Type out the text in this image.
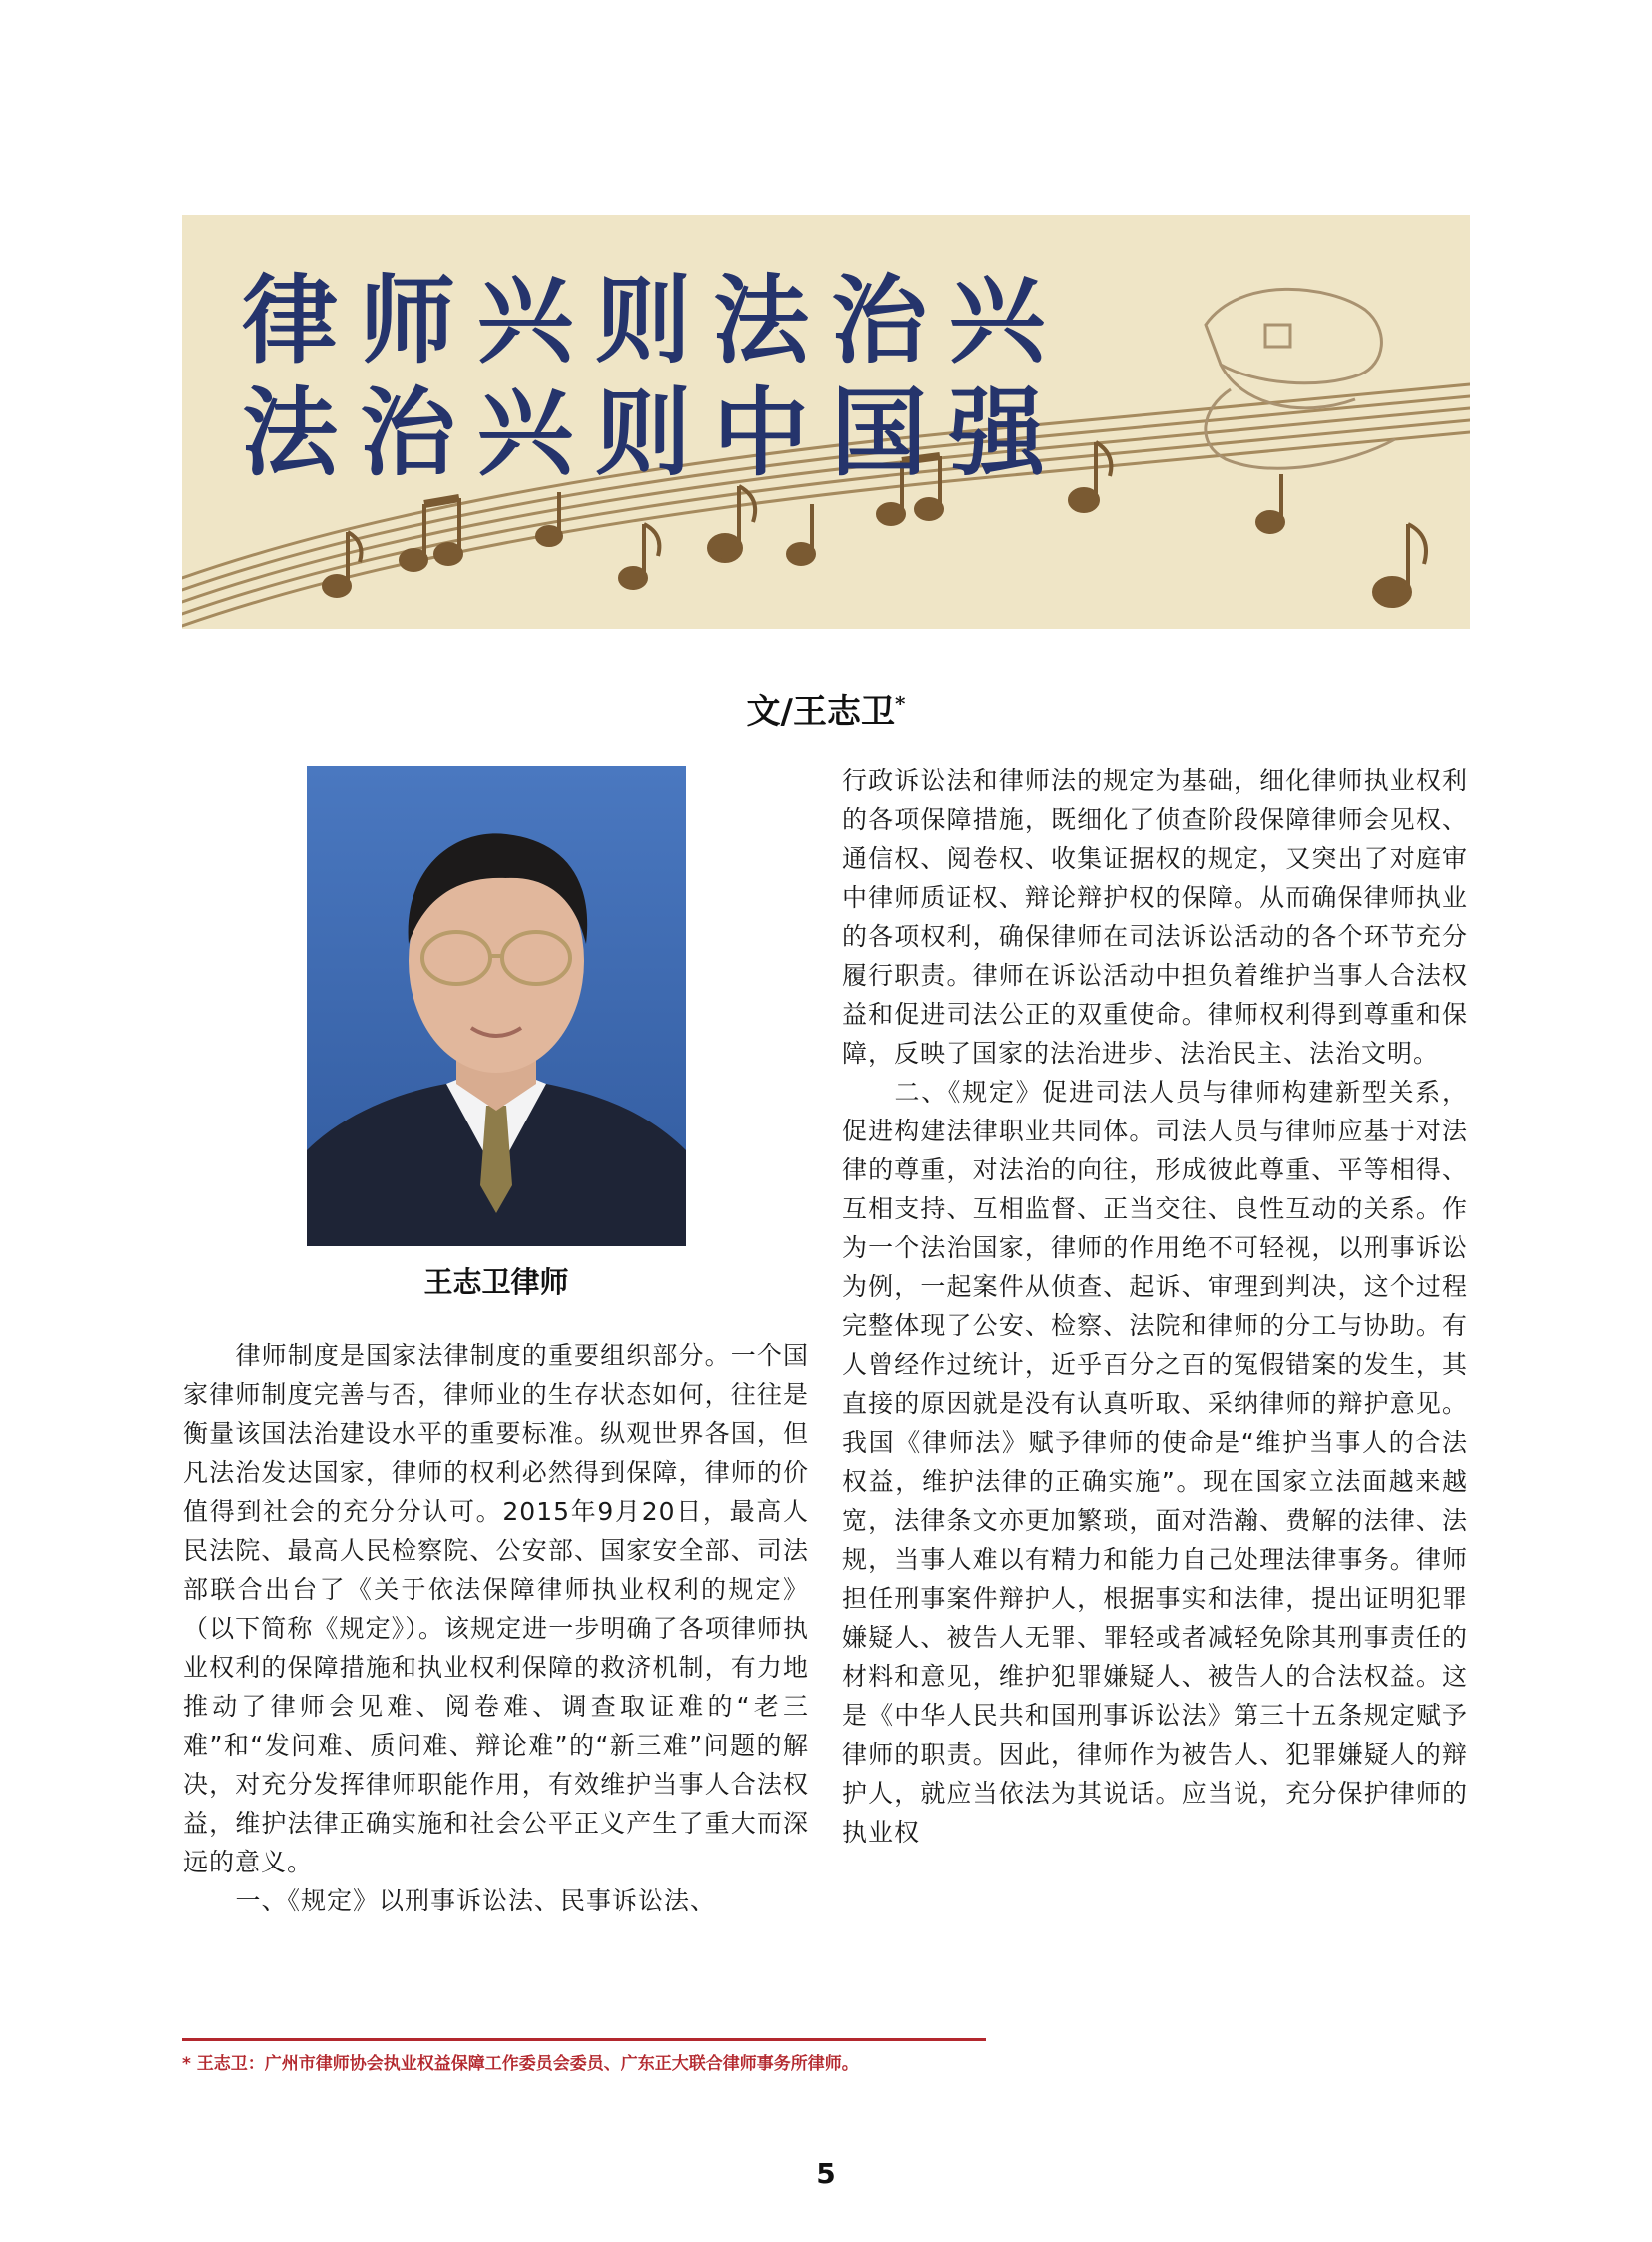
律师兴则法治兴
法治兴则中国强
文/王志卫*
王志卫律师

律师制度是国家法律制度的重要组织部分。一个国家律师制度完善与否，律师业的生存状态如何，往往是衡量该国法治建设水平的重要标准。纵观世界各国，但凡法治发达国家，律师的权利必然得到保障，律师的价值得到社会的充分分认可。2015年9月20日，最高人民法院、最高人民检察院、公安部、国家安全部、司法部联合出台了《关于依法保障律师执业权利的规定》（以下简称《规定》）。该规定进一步明确了各项律师执业权利的保障措施和执业权利保障的救济机制，有力地推动了律师会见难、阅卷难、调查取证难的“老三难”和“发问难、质问难、辩论难”的“新三难”问题的解决，对充分发挥律师职能作用，有效维护当事人合法权益，维护法律正确实施和社会公平正义产生了重大而深远的意义。

一、《规定》以刑事诉讼法、民事诉讼法、

行政诉讼法和律师法的规定为基础，细化律师执业权利的各项保障措施，既细化了侦查阶段保障律师会见权、通信权、阅卷权、收集证据权的规定，又突出了对庭审中律师质证权、辩论辩护权的保障。从而确保律师执业的各项权利，确保律师在司法诉讼活动的各个环节充分履行职责。律师在诉讼活动中担负着维护当事人合法权益和促进司法公正的双重使命。律师权利得到尊重和保障，反映了国家的法治进步、法治民主、法治文明。

二、《规定》促进司法人员与律师构建新型关系，促进构建法律职业共同体。司法人员与律师应基于对法律的尊重，对法治的向往，形成彼此尊重、平等相得、互相支持、互相监督、正当交往、良性互动的关系。作为一个法治国家，律师的作用绝不可轻视，以刑事诉讼为例，一起案件从侦查、起诉、审理到判决，这个过程完整体现了公安、检察、法院和律师的分工与协助。有人曾经作过统计，近乎百分之百的冤假错案的发生，其直接的原因就是没有认真听取、采纳律师的辩护意见。我国《律师法》赋予律师的使命是“维护当事人的合法权益，维护法律的正确实施”。现在国家立法面越来越宽，法律条文亦更加繁琐，面对浩瀚、费解的法律、法规，当事人难以有精力和能力自己处理法律事务。律师担任刑事案件辩护人，根据事实和法律，提出证明犯罪嫌疑人、被告人无罪、罪轻或者减轻免除其刑事责任的材料和意见，维护犯罪嫌疑人、被告人的合法权益。这是《中华人民共和国刑事诉讼法》第三十五条规定赋予律师的职责。因此，律师作为被告人、犯罪嫌疑人的辩护人，就应当依法为其说话。应当说，充分保护律师的执业权

* 王志卫：广州市律师协会执业权益保障工作委员会委员、广东正大联合律师事务所律师。
5
